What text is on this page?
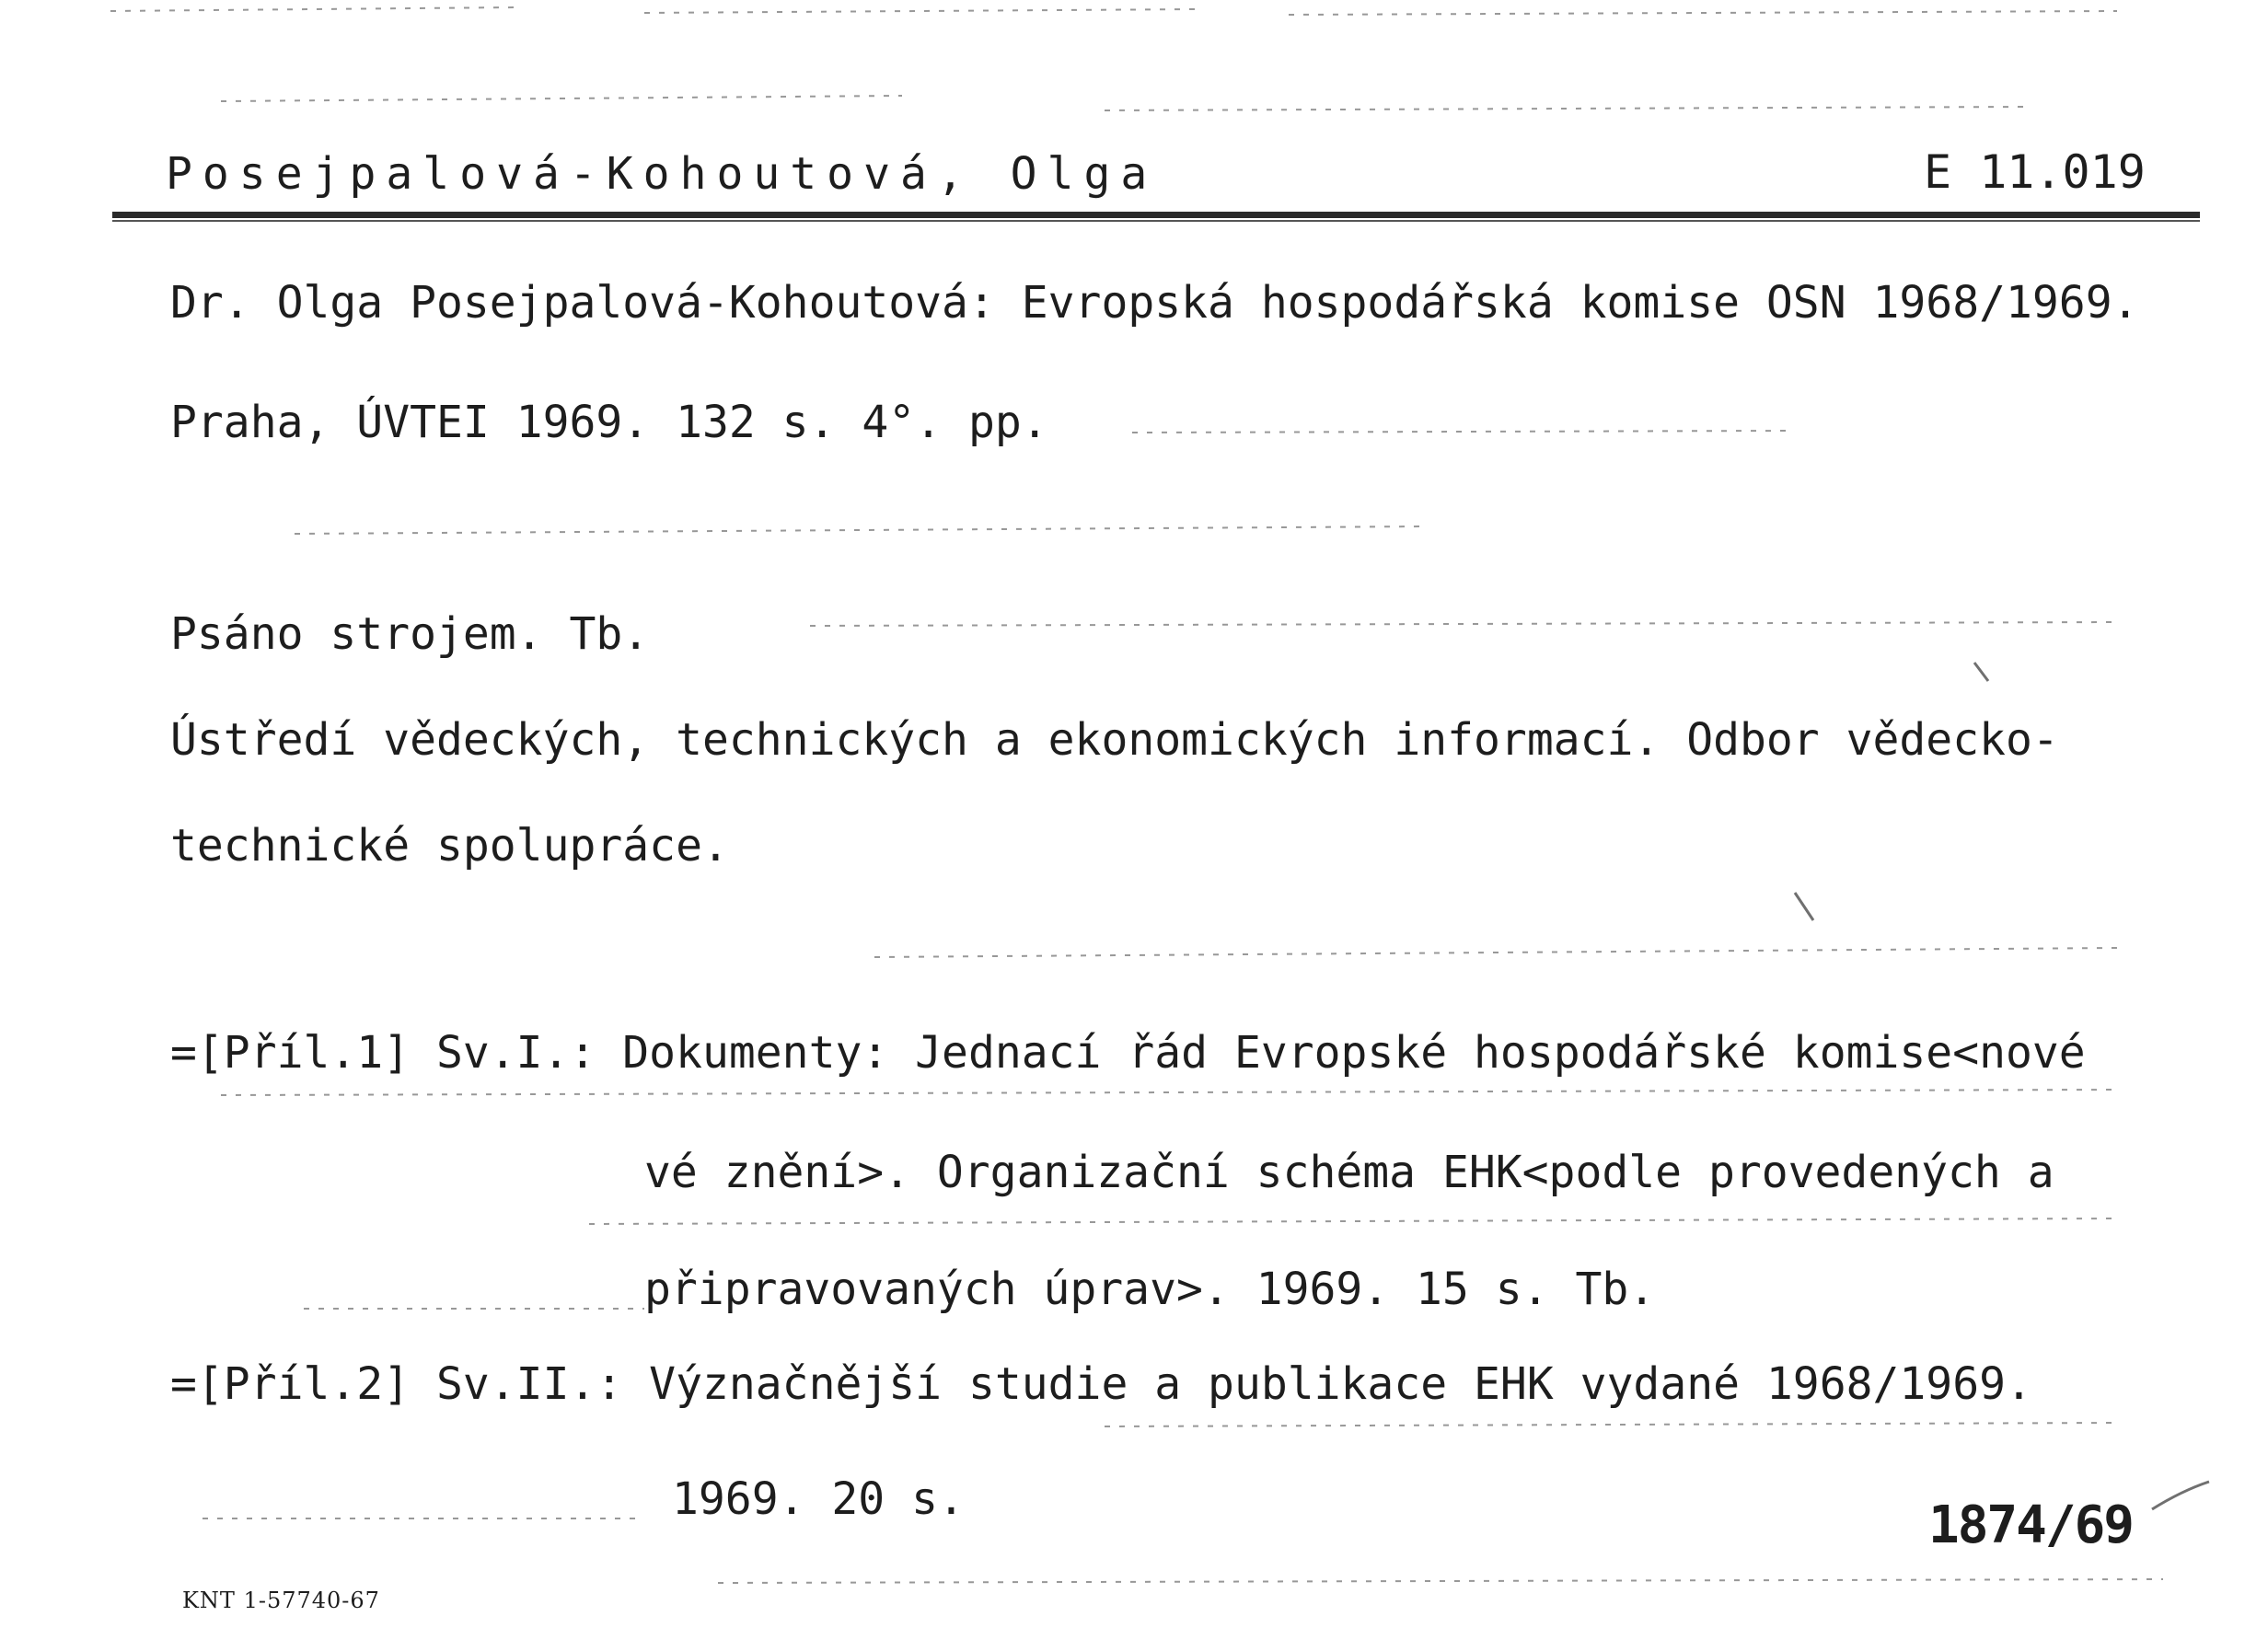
Posejpalová-Kohoutová, Olga	E 11.019
Dr. Olga Posejpalová-Kohoutová: Evropská hospodářská komise OSN 1968/1969.
Praha, ÚVTEI 1969. 132 s. 4°. pp.
Psáno strojem. Tb.
Ústředí vědeckých, technických a ekonomických informací. Odbor vědecko-
technické spolupráce.
=[Příl.1] Sv.I.: Dokumenty: Jednací řád Evropské hospodářské komise<nové
vé znění>. Organizační schéma EHK<podle provedených a
připravovaných úprav>. 1969. 15 s. Tb.
=[Příl.2] Sv.II.: Význačnější studie a publikace EHK vydané 1968/1969.
1969. 20 s.	1874/69
KNT 1-57740-67
